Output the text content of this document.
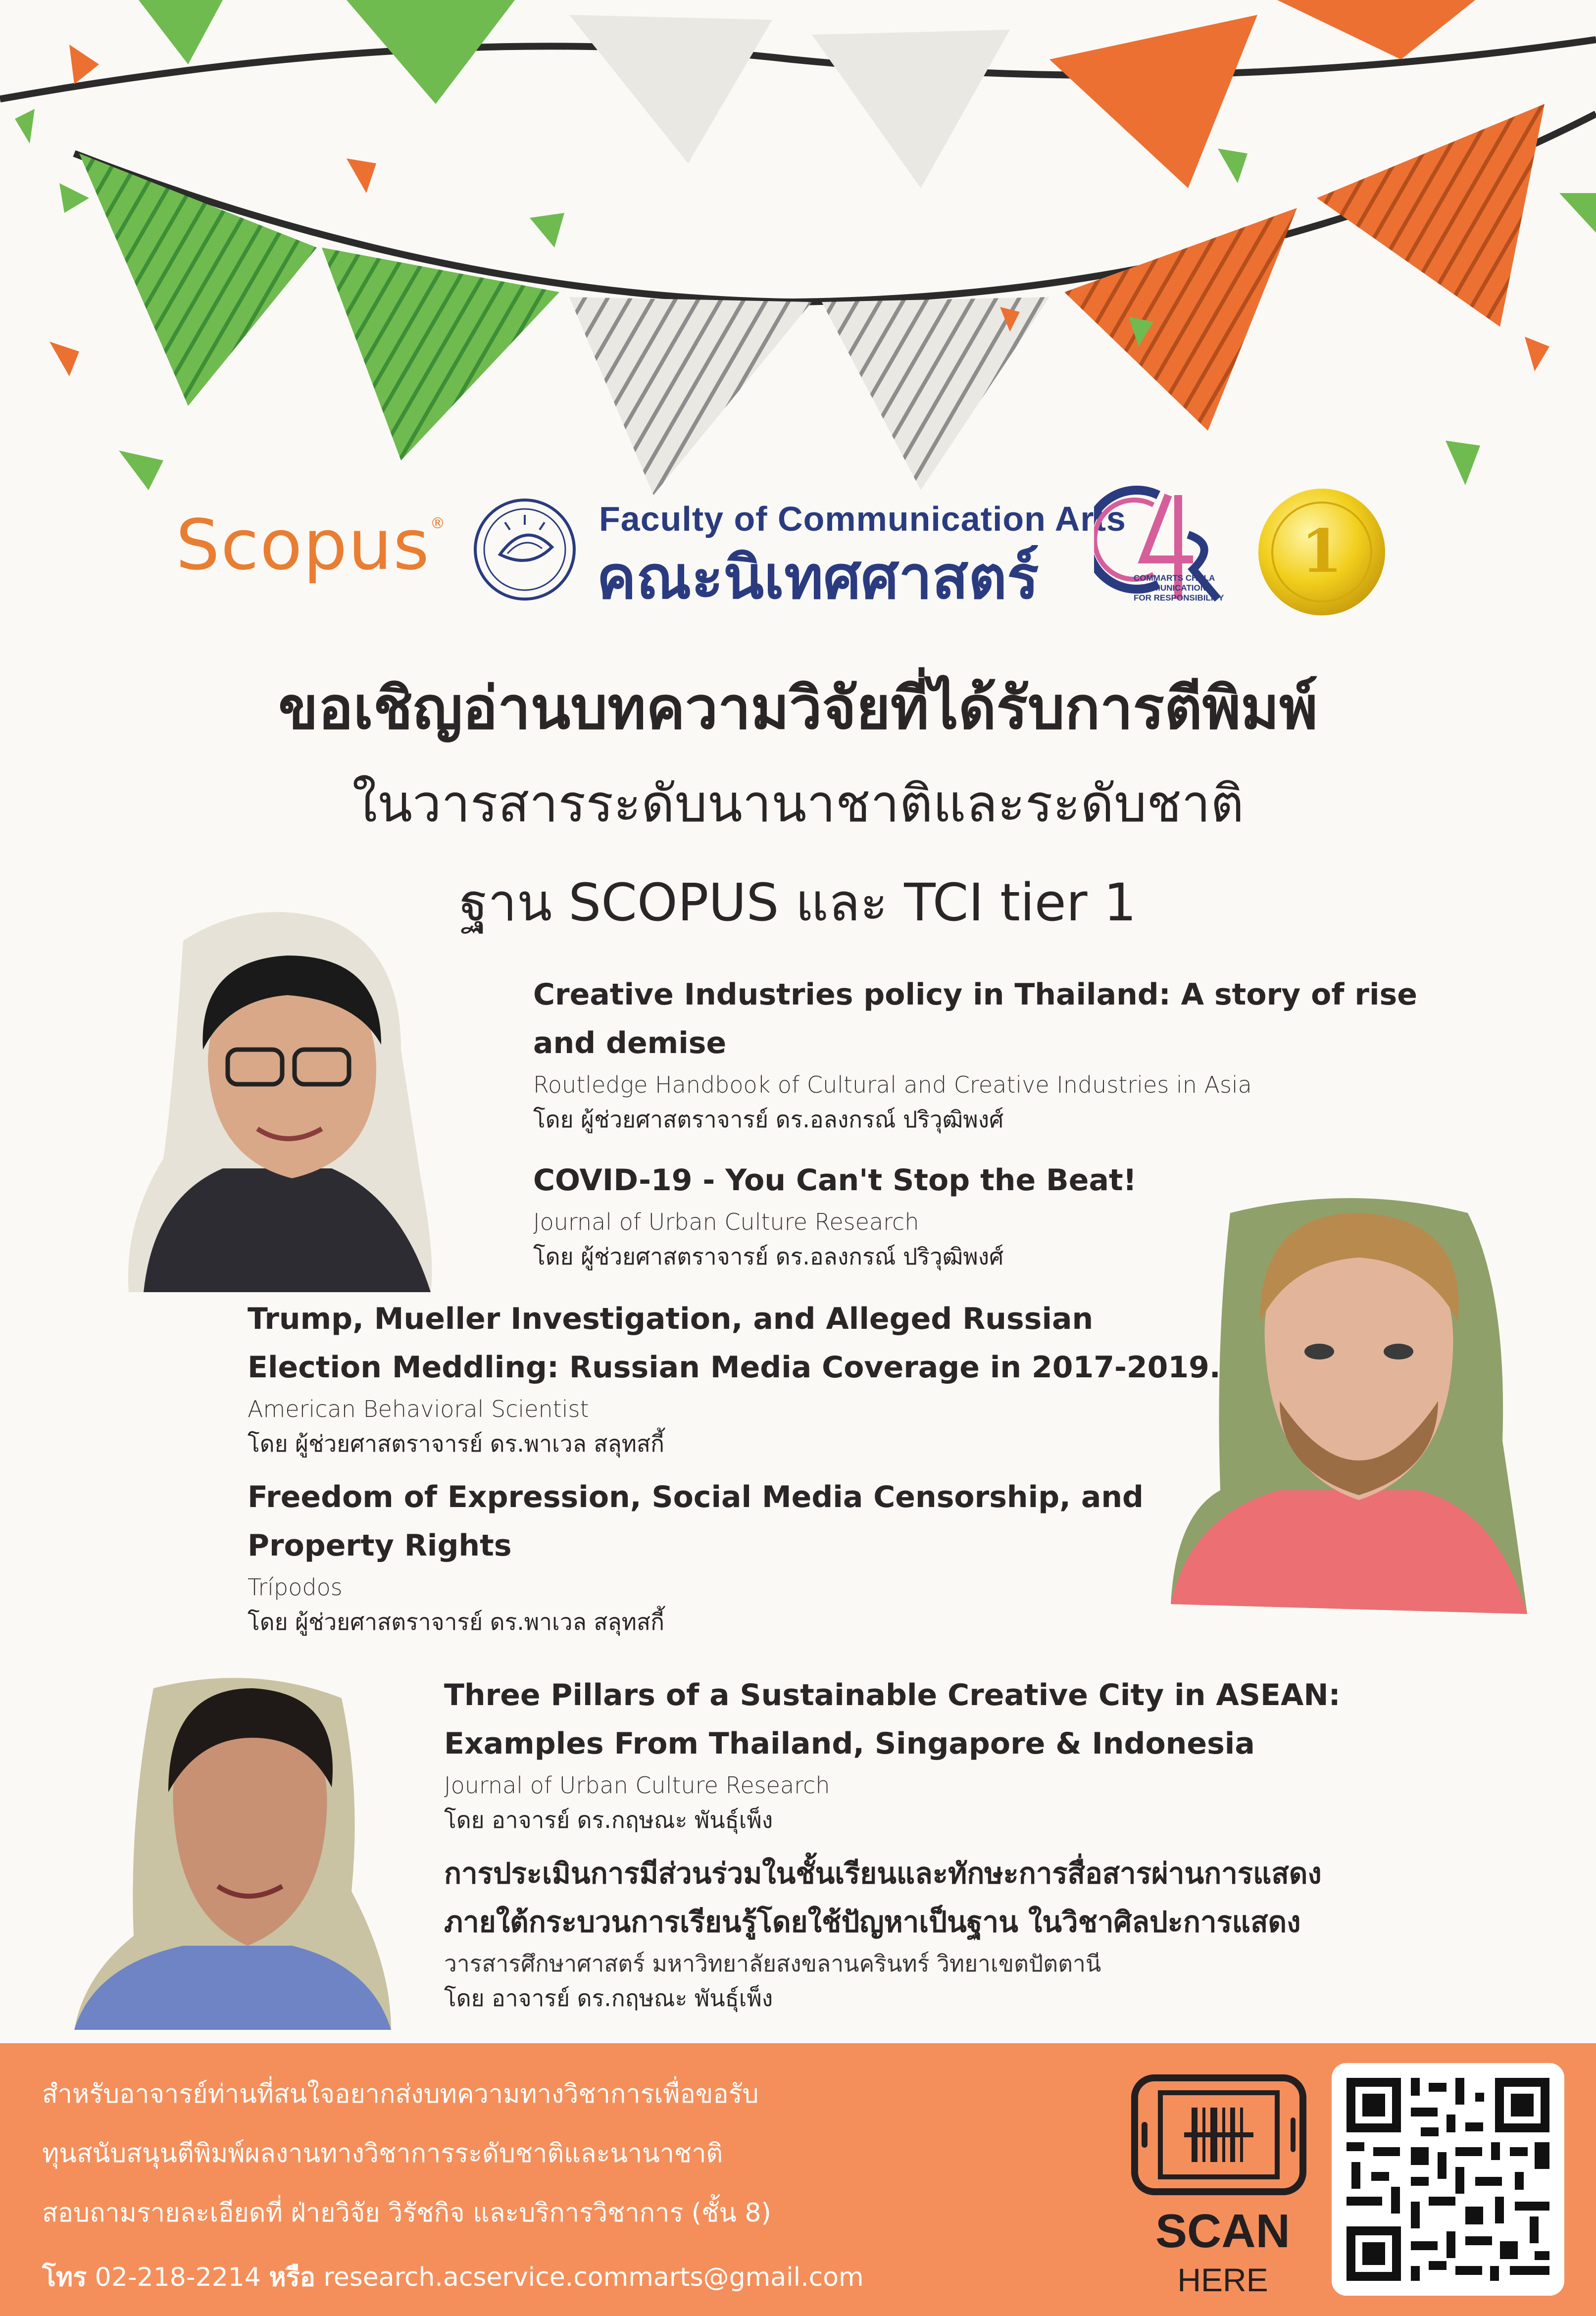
Scopus®	Faculty of Communication Arts
คณะนิเทศศาสตร์	COMMARTS CHULA
COMMUNICATION
FOR RESPONSIBILITY
1
ขอเชิญอ่านบทความวิจัยที่ได้รับการตีพิมพ์
ในวารสารระดับนานาชาติและระดับชาติ
ฐาน SCOPUS และ TCI tier 1
Creative Industries policy in Thailand: A story of rise
and demise
Routledge Handbook of Cultural and Creative Industries in Asia
โดย ผู้ช่วยศาสตราจารย์ ดร.อลงกรณ์ ปริวุฒิพงศ์
COVID-19 - You Can't Stop the Beat!
Journal of Urban Culture Research
โดย ผู้ช่วยศาสตราจารย์ ดร.อลงกรณ์ ปริวุฒิพงศ์
Trump, Mueller Investigation, and Alleged Russian
Election Meddling: Russian Media Coverage in 2017-2019.
American Behavioral Scientist
โดย ผู้ช่วยศาสตราจารย์ ดร.พาเวล สลุทสกี้
Freedom of Expression, Social Media Censorship, and
Property Rights
Trípodos
โดย ผู้ช่วยศาสตราจารย์ ดร.พาเวล สลุทสกี้
Three Pillars of a Sustainable Creative City in ASEAN:
Examples From Thailand, Singapore & Indonesia
Journal of Urban Culture Research
โดย อาจารย์ ดร.กฤษณะ พันธุ์เพ็ง
การประเมินการมีส่วนร่วมในชั้นเรียนและทักษะการสื่อสารผ่านการแสดง
ภายใต้กระบวนการเรียนรู้โดยใช้ปัญหาเป็นฐาน ในวิชาศิลปะการแสดง
วารสารศึกษาศาสตร์ มหาวิทยาลัยสงขลานครินทร์ วิทยาเขตปัตตานี
โดย อาจารย์ ดร.กฤษณะ พันธุ์เพ็ง
สำหรับอาจารย์ท่านที่สนใจอยากส่งบทความทางวิชาการเพื่อขอรับ
ทุนสนับสนุนตีพิมพ์ผลงานทางวิชาการระดับชาติและนานาชาติ
สอบถามรายละเอียดที่ ฝ่ายวิจัย วิรัชกิจ และบริการวิชาการ (ชั้น 8)
โทร 02-218-2214 หรือ research.acservice.commarts@gmail.com
SCAN
HERE
